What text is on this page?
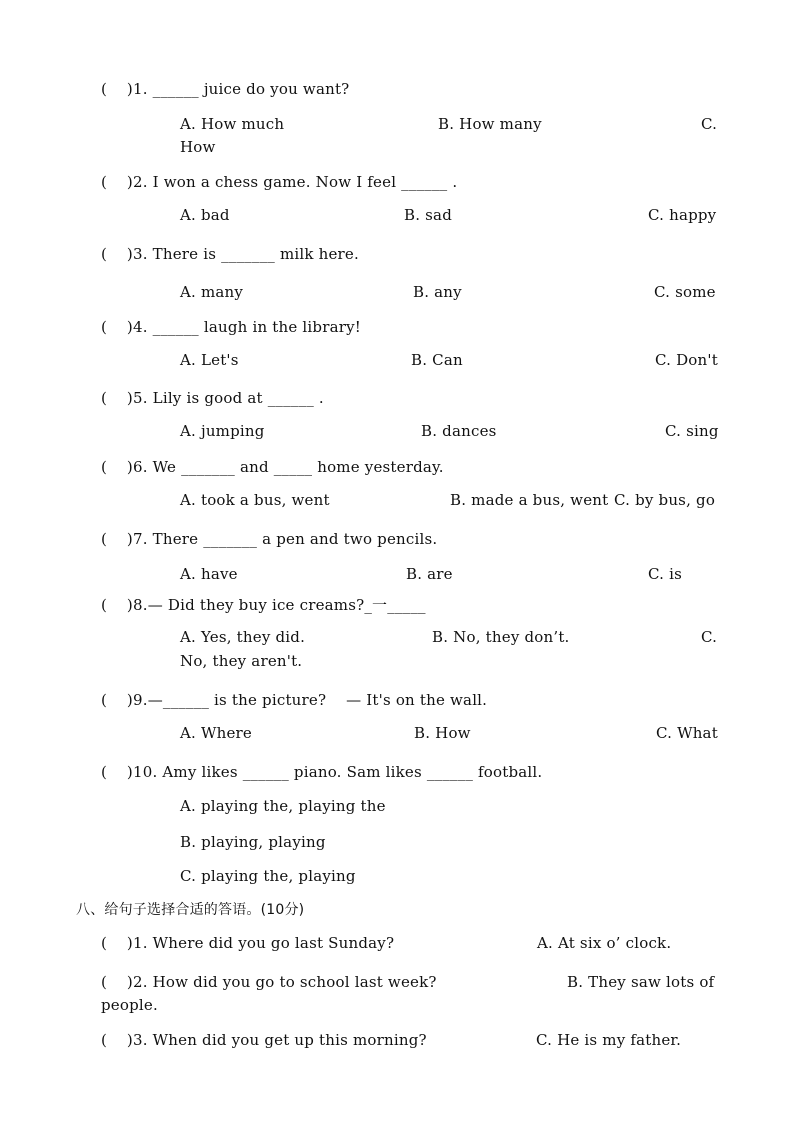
(    )1. ______ juice do you want?
A. How much	B. How many	C.
How
(    )2. I won a chess game. Now I feel ______ .
A. bad	B. sad	C. happy
(    )3. There is _______ milk here.
A. many	B. any	C. some
(    )4. ______ laugh in the library!
A. Let's	B. Can	C. Don't
(    )5. Lily is good at ______ .
A. jumping	B. dances	C. sing
(    )6. We _______ and _____ home yesterday.
A. took a bus, went	B. made a bus, went C. by bus, go
(    )7. There _______ a pen and two pencils.
A. have	B. are	C. is
(    )8.— Did they buy ice creams?_一_____
A. Yes, they did.	B. No, they don’t.	C.
No, they aren't.
(    )9.—______ is the picture?    — It's on the wall.
A. Where	B. How	C. What
(    )10. Amy likes ______ piano. Sam likes ______ football.
A. playing the, playing the
B. playing, playing
C. playing the, playing
八、给句子选择合适的答语。(10分)
(    )1. Where did you go last Sunday?	A. At six o’ clock.
(    )2. How did you go to school last week?	B. They saw lots of
people.
(    )3. When did you get up this morning?	C. He is my father.
